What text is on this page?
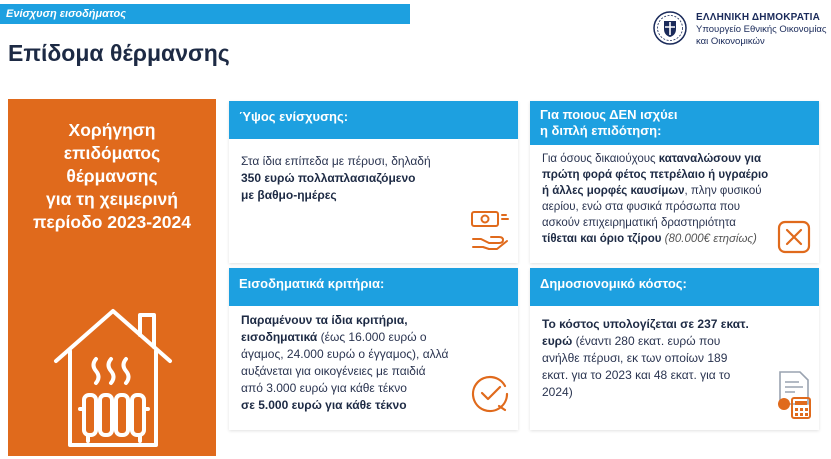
Ενίσχυση εισοδήματος	ΕΛΛΗΝΙΚΗ ΔΗΜΟΚΡΑΤΙΑ
Υπουργείο Εθνικής Οικονομίας
και Οικονομικών
Επίδομα θέρμανσης
Χορήγηση
επιδόματος
θέρμανσης
για τη χειμερινή
περίοδο 2023-2024
Ύψος ενίσχυσης:
Στα ίδια επίπεδα με πέρυσι, δηλαδή
350 ευρώ πολλαπλασιαζόμενο
με βαθμο-ημέρες
Για ποιους ΔΕΝ ισχύει
η διπλή επιδότηση:
Για όσους δικαιούχους καταναλώσουν για
πρώτη φορά φέτος πετρέλαιο ή υγραέριο
ή άλλες μορφές καυσίμων, πλην φυσικού
αερίου, ενώ στα φυσικά πρόσωπα που
ασκούν επιχειρηματική δραστηριότητα
τίθεται και όριο τζίρου (80.000€ ετησίως)
Εισοδηματικά κριτήρια:
Παραμένουν τα ίδια κριτήρια,
εισοδηματικά (έως 16.000 ευρώ ο
άγαμος, 24.000 ευρώ ο έγγαμος), αλλά
αυξάνεται για οικογένειες με παιδιά
από 3.000 ευρώ για κάθε τέκνο
σε 5.000 ευρώ για κάθε τέκνο
Δημοσιονομικό κόστος:
Το κόστος υπολογίζεται σε 237 εκατ.
ευρώ (έναντι 280 εκατ. ευρώ που
ανήλθε πέρυσι, εκ των οποίων 189
εκατ. για το 2023 και 48 εκατ. για το
2024)
